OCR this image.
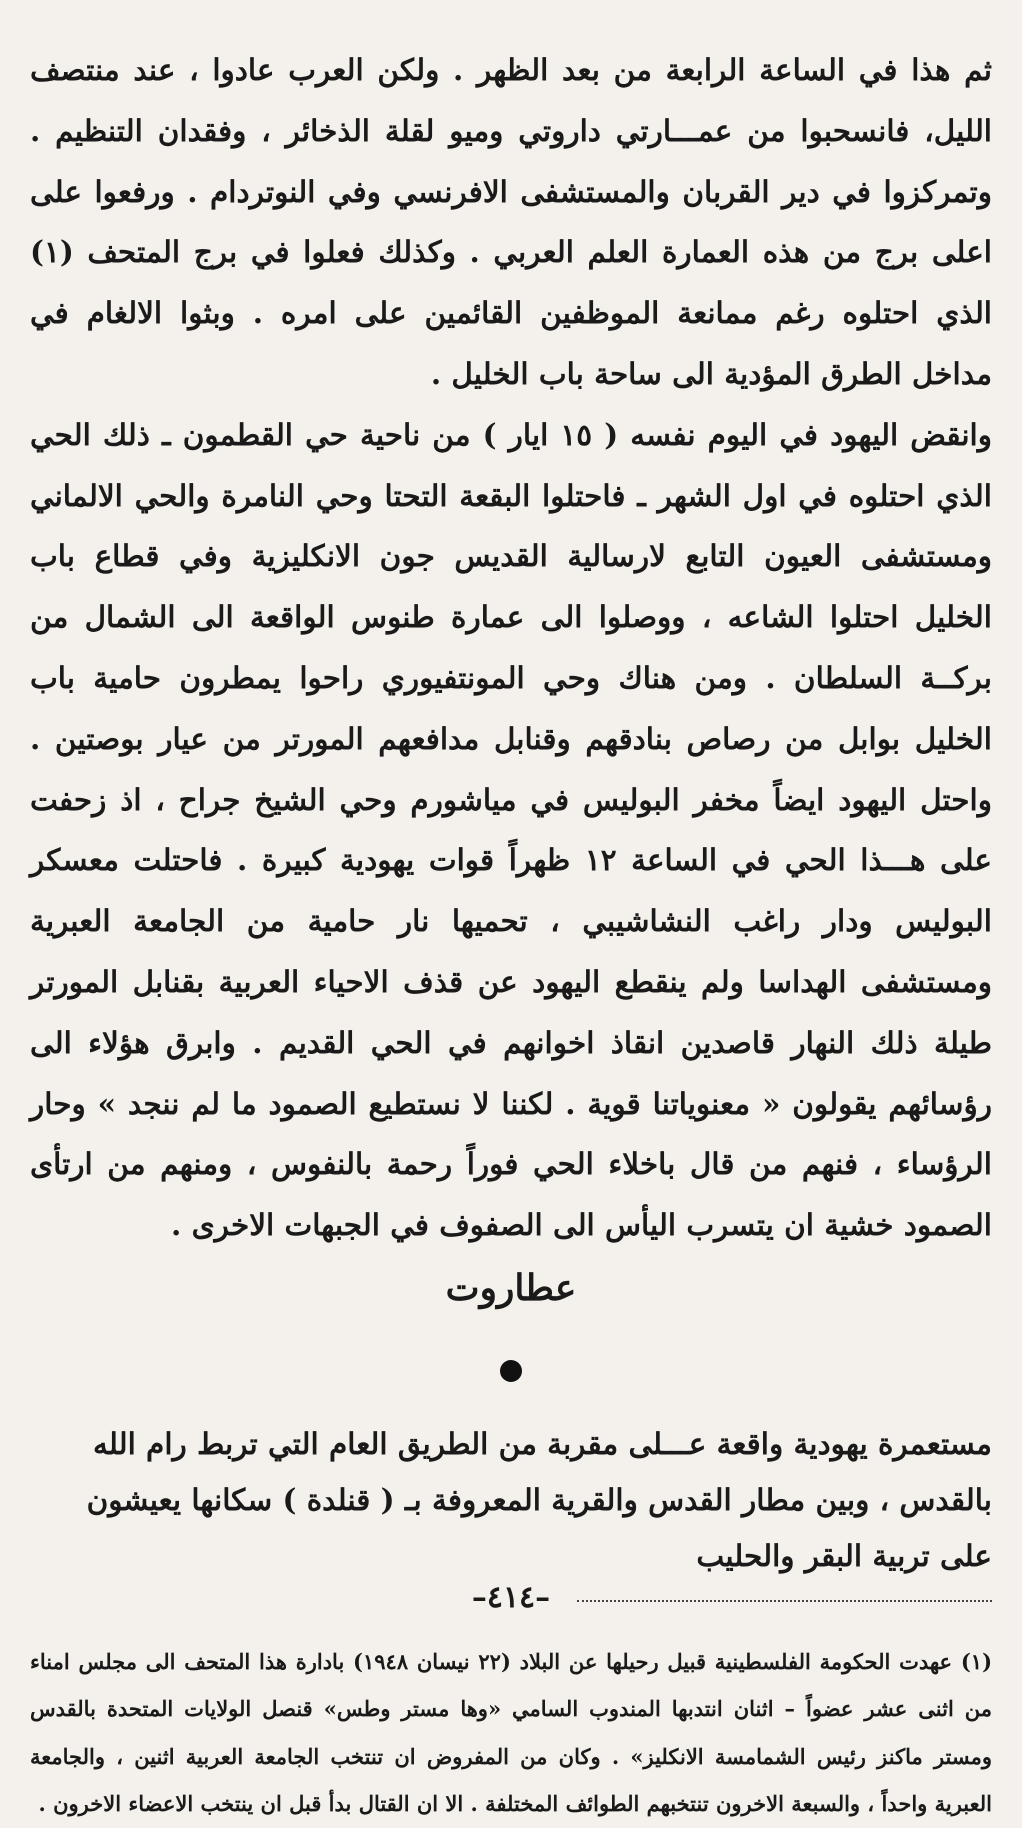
ثم هذا في الساعة الرابعة من بعد الظهر . ولكن العرب عادوا ، عند منتصف الليل، فانسحبوا من عمـــارتي داروتي وميو لقلة الذخائر ، وفقدان التنظيم . وتمركزوا في دير القربان والمستشفى الافرنسي وفي النوتردام . ورفعوا على اعلى برج من هذه العمارة العلم العربي . وكذلك فعلوا في برج المتحف (١) الذي احتلوه رغم ممانعة الموظفين القائمين على امره . وبثوا الالغام في مداخل الطرق المؤدية الى ساحة باب الخليل .

وانقض اليهود في اليوم نفسه ( ١٥ ايار ) من ناحية حي القطمون ـ ذلك الحي الذي احتلوه في اول الشهر ـ فاحتلوا البقعة التحتا وحي النامرة والحي الالماني ومستشفى العيون التابع لارسالية القديس جون الانكليزية وفي قطاع باب الخليل احتلوا الشاعه ، ووصلوا الى عمارة طنوس الواقعة الى الشمال من بركــة السلطان . ومن هناك وحي المونتفيوري راحوا يمطرون حامية باب الخليل بوابل من رصاص بنادقهم وقنابل مدافعهم المورتر من عيار بوصتين . واحتل اليهود ايضاً مخفر البوليس في مياشورم وحي الشيخ جراح ، اذ زحفت على هـــذا الحي في الساعة ١٢ ظهراً قوات يهودية كبيرة . فاحتلت معسكر البوليس ودار راغب النشاشيبي ، تحميها نار حامية من الجامعة العبرية ومستشفى الهداسا ولم ينقطع اليهود عن قذف الاحياء العربية بقنابل المورتر طيلة ذلك النهار قاصدين انقاذ اخوانهم في الحي القديم . وابرق هؤلاء الى رؤسائهم يقولون « معنوياتنا قوية . لكننا لا نستطيع الصمود ما لم ننجد » وحار الرؤساء ، فنهم من قال باخلاء الحي فوراً رحمة بالنفوس ، ومنهم من ارتأى الصمود خشية ان يتسرب اليأس الى الصفوف في الجبهات الاخرى .

عطاروت

مستعمرة يهودية واقعة عـــلى مقربة من الطريق العام التي تربط رام الله بالقدس ، وبين مطار القدس والقرية المعروفة بـ ( قنلدة ) سكانها يعيشون على تربية البقر والحليب

(١) عهدت الحكومة الفلسطينية قبيل رحيلها عن البلاد (٢٢ نيسان ١٩٤٨) بادارة هذا المتحف الى مجلس امناء من اثنى عشر عضواً – اثنان انتدبها المندوب السامي «وها مستر وطس» قنصل الولايات المتحدة بالقدس ومستر ماكنز رئيس الشمامسة الانكليز» . وكان من المفروض ان تنتخب الجامعة العربية اثنين ، والجامعة العبرية واحداً ، والسبعة الاخرون تنتخبهم الطوائف المختلفة . الا ان القتال بدأ قبل ان ينتخب الاعضاء الاخرون .

–٤١٤–
